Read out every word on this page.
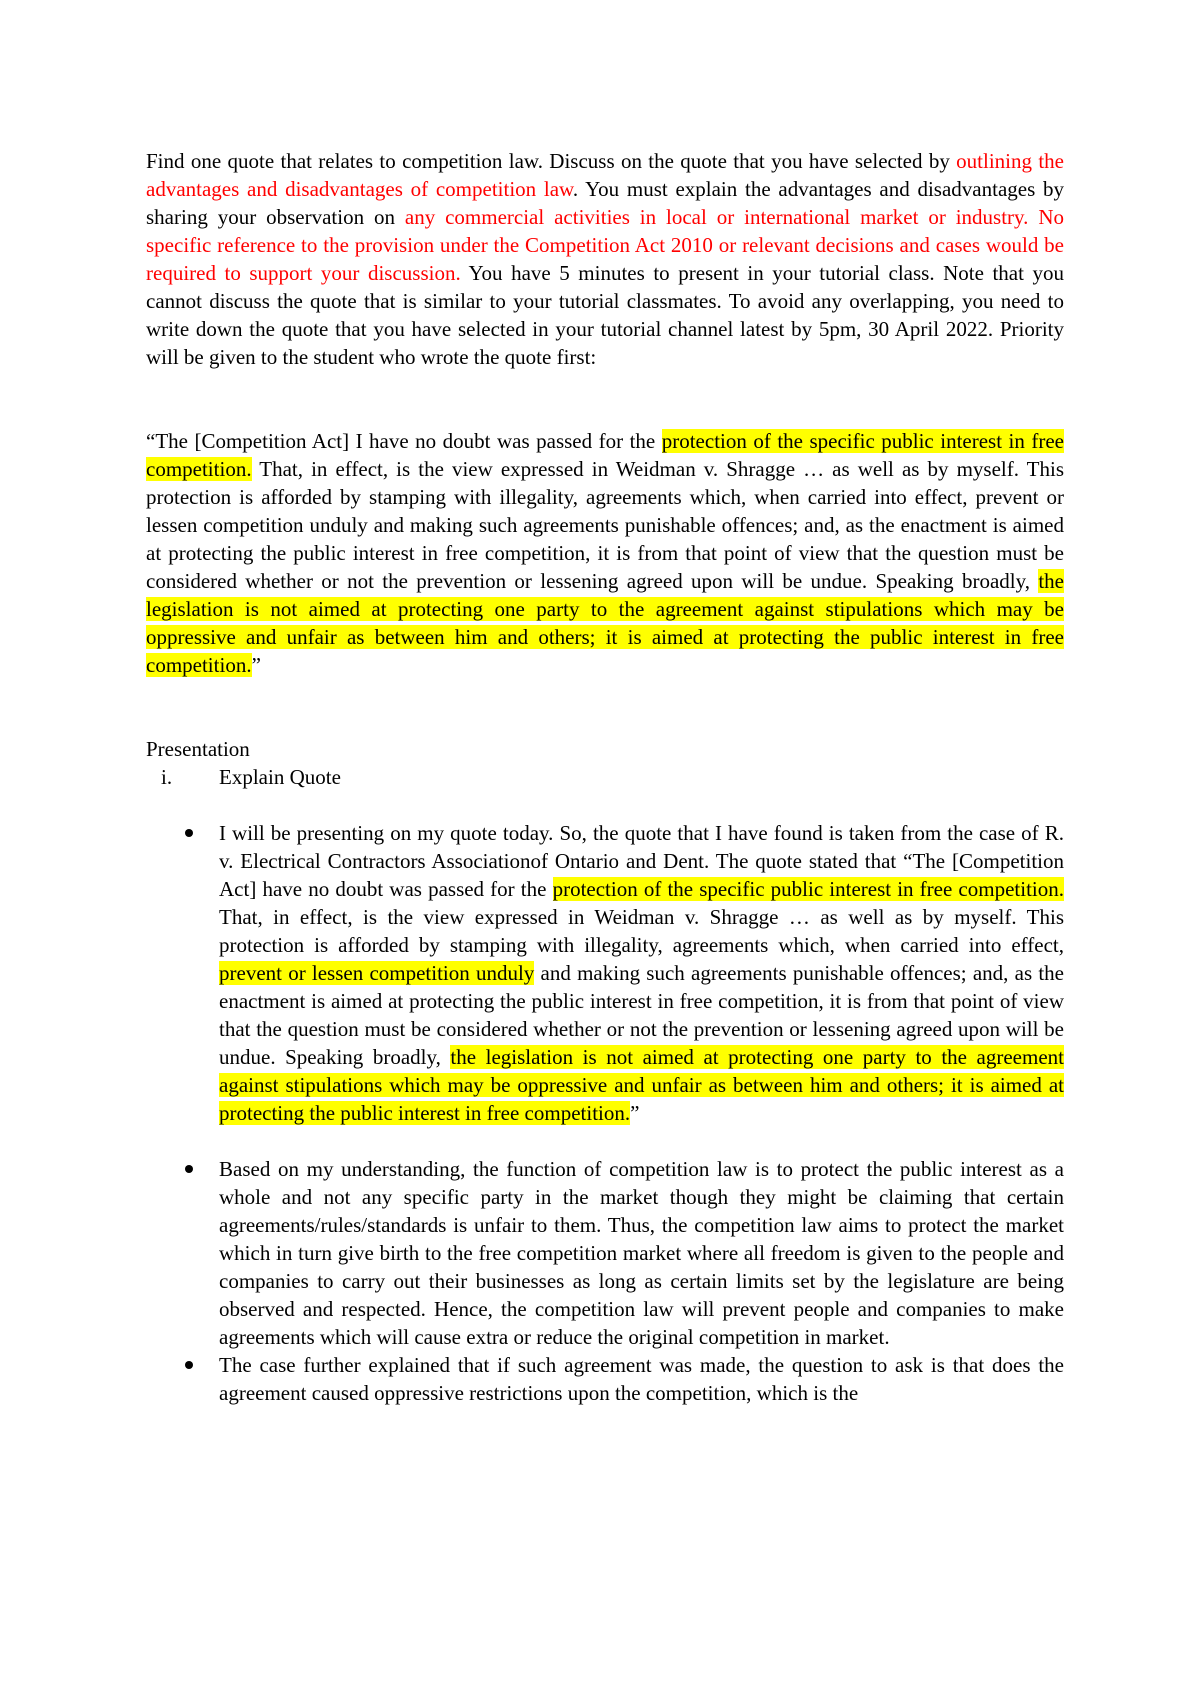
Find one quote that relates to competition law. Discuss on the quote that you have selected by outlining the advantages and disadvantages of competition law. You must explain the advantages and disadvantages by sharing your observation on any commercial activities in local or international market or industry. No specific reference to the provision under the Competition Act 2010 or relevant decisions and cases would be required to support your discussion. You have 5 minutes to present in your tutorial class. Note that you cannot discuss the quote that is similar to your tutorial classmates. To avoid any overlapping, you need to write down the quote that you have selected in your tutorial channel latest by 5pm, 30 April 2022. Priority will be given to the student who wrote the quote first:

“The [Competition Act] I have no doubt was passed for the protection of the specific public interest in free competition. That, in effect, is the view expressed in Weidman v. Shragge … as well as by myself. This protection is afforded by stamping with illegality, agreements which, when carried into effect, prevent or lessen competition unduly and making such agreements punishable offences; and, as the enactment is aimed at protecting the public interest in free competition, it is from that point of view that the question must be considered whether or not the prevention or lessening agreed upon will be undue. Speaking broadly, the legislation is not aimed at protecting one party to the agreement against stipulations which may be oppressive and unfair as between him and others; it is aimed at protecting the public interest in free competition.”

Presentation

i.	Explain Quote
I will be presenting on my quote today. So, the quote that I have found is taken from the case of R. v. Electrical Contractors Associationof Ontario and Dent. The quote stated that “The [Competition Act] have no doubt was passed for the protection of the specific public interest in free competition. That, in effect, is the view expressed in Weidman v. Shragge … as well as by myself. This protection is afforded by stamping with illegality, agreements which, when carried into effect, prevent or lessen competition unduly and making such agreements punishable offences; and, as the enactment is aimed at protecting the public interest in free competition, it is from that point of view that the question must be considered whether or not the prevention or lessening agreed upon will be undue. Speaking broadly, the legislation is not aimed at protecting one party to the agreement against stipulations which may be oppressive and unfair as between him and others; it is aimed at protecting the public interest in free competition.”
Based on my understanding, the function of competition law is to protect the public interest as a whole and not any specific party in the market though they might be claiming that certain agreements/rules/standards is unfair to them. Thus, the competition law aims to protect the market which in turn give birth to the free competition market where all freedom is given to the people and companies to carry out their businesses as long as certain limits set by the legislature are being observed and respected. Hence, the competition law will prevent people and companies to make agreements which will cause extra or reduce the original competition in market.
The case further explained that if such agreement was made, the question to ask is that does the agreement caused oppressive restrictions upon the competition, which is the
